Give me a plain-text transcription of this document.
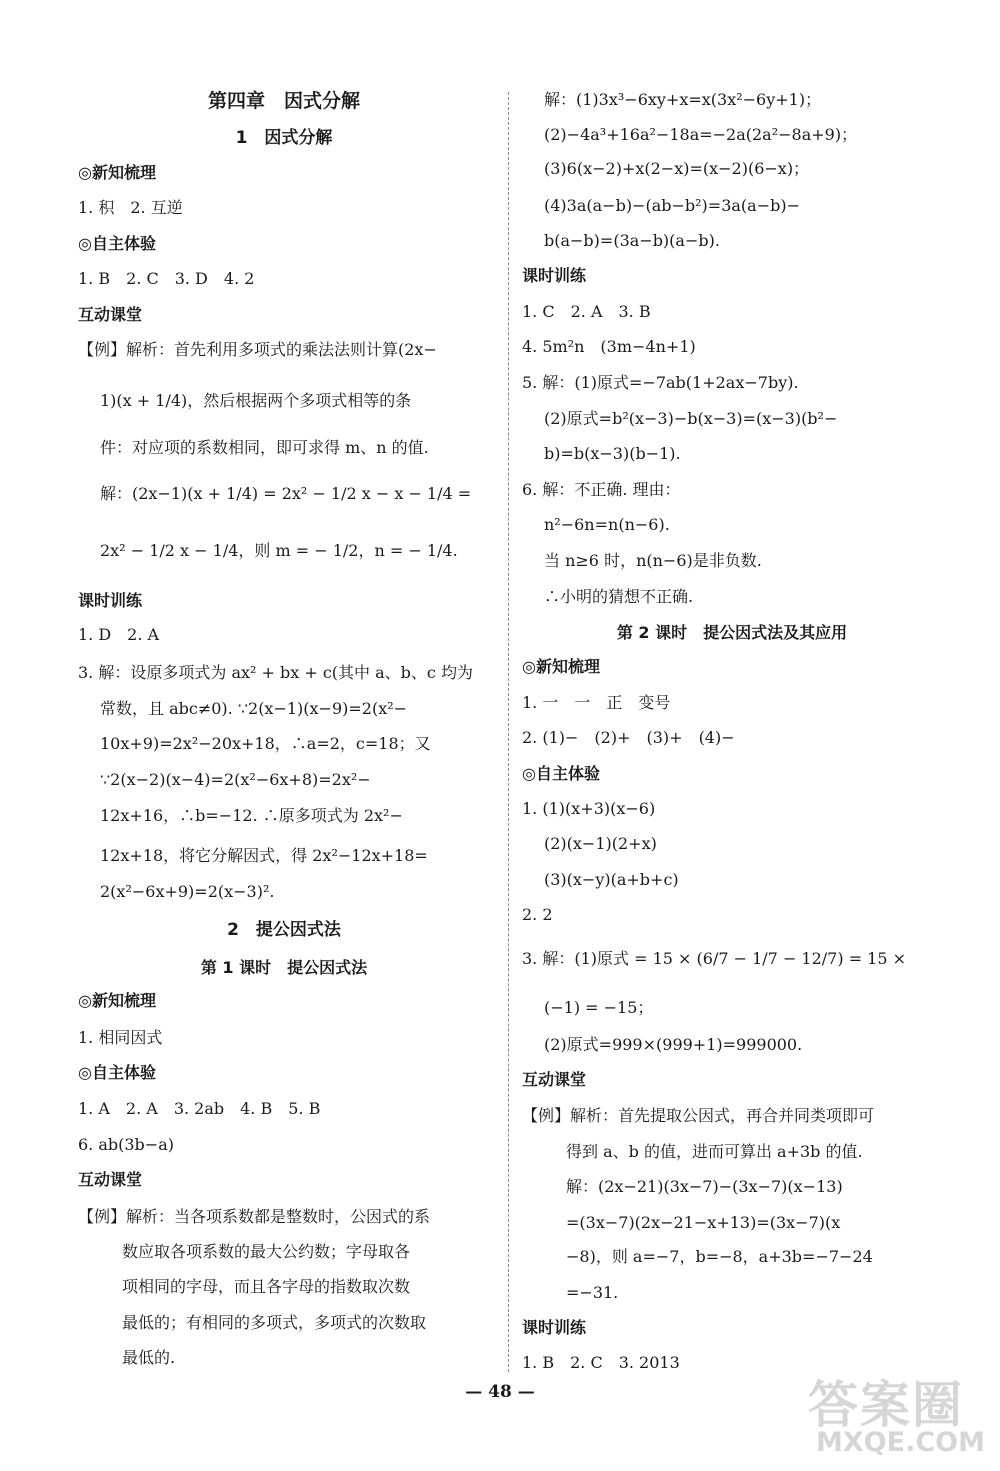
第四章　因式分解
1　因式分解
◎新知梳理
1. 积　2. 互逆
◎自主体验
1. B　2. C　3. D　4. 2
互动课堂
【例】解析：首先利用多项式的乘法法则计算(2x−
1)(x + 1/4)，然后根据两个多项式相等的条
件：对应项的系数相同，即可求得 m、n 的值.
解：(2x−1)(x + 1/4) = 2x² − 1/2 x − x − 1/4 =
2x² − 1/2 x − 1/4，则 m = − 1/2，n = − 1/4.
课时训练
1. D　2. A
3. 解：设原多项式为 ax² + bx + c(其中 a、b、c 均为
常数，且 abc≠0). ∵2(x−1)(x−9)=2(x²−
10x+9)=2x²−20x+18，∴a=2，c=18；又
∵2(x−2)(x−4)=2(x²−6x+8)=2x²−
12x+16，∴b=−12. ∴原多项式为 2x²−
12x+18，将它分解因式，得 2x²−12x+18=
2(x²−6x+9)=2(x−3)².
2　提公因式法
第 1 课时　提公因式法
◎新知梳理
1. 相同因式
◎自主体验
1. A　2. A　3. 2ab　4. B　5. B
6. ab(3b−a)
互动课堂
【例】解析：当各项系数都是整数时，公因式的系
数应取各项系数的最大公约数；字母取各
项相同的字母，而且各字母的指数取次数
最低的；有相同的多项式，多项式的次数取
最低的.
解：(1)3x³−6xy+x=x(3x²−6y+1)；
(2)−4a³+16a²−18a=−2a(2a²−8a+9)；
(3)6(x−2)+x(2−x)=(x−2)(6−x)；
(4)3a(a−b)−(ab−b²)=3a(a−b)−
b(a−b)=(3a−b)(a−b).
课时训练
1. C　2. A　3. B
4. 5m²n　(3m−4n+1)
5. 解：(1)原式=−7ab(1+2ax−7by).
(2)原式=b²(x−3)−b(x−3)=(x−3)(b²−
b)=b(x−3)(b−1).
6. 解：不正确. 理由：
n²−6n=n(n−6).
当 n≥6 时，n(n−6)是非负数.
∴小明的猜想不正确.
第 2 课时　提公因式法及其应用
◎新知梳理
1. 一　一　正　变号
2. (1)−　(2)+　(3)+　(4)−
◎自主体验
1. (1)(x+3)(x−6)
(2)(x−1)(2+x)
(3)(x−y)(a+b+c)
2. 2
3. 解：(1)原式 = 15 × (6/7 − 1/7 − 12/7) = 15 ×
(−1) = −15；
(2)原式=999×(999+1)=999000.
互动课堂
【例】解析：首先提取公因式，再合并同类项即可
得到 a、b 的值，进而可算出 a+3b 的值.
解：(2x−21)(3x−7)−(3x−7)(x−13)
=(3x−7)(2x−21−x+13)=(3x−7)(x
−8)，则 a=−7，b=−8，a+3b=−7−24
=−31.
课时训练
1. B　2. C　3. 2013
— 48 —	答案圈
MXQE.COM
